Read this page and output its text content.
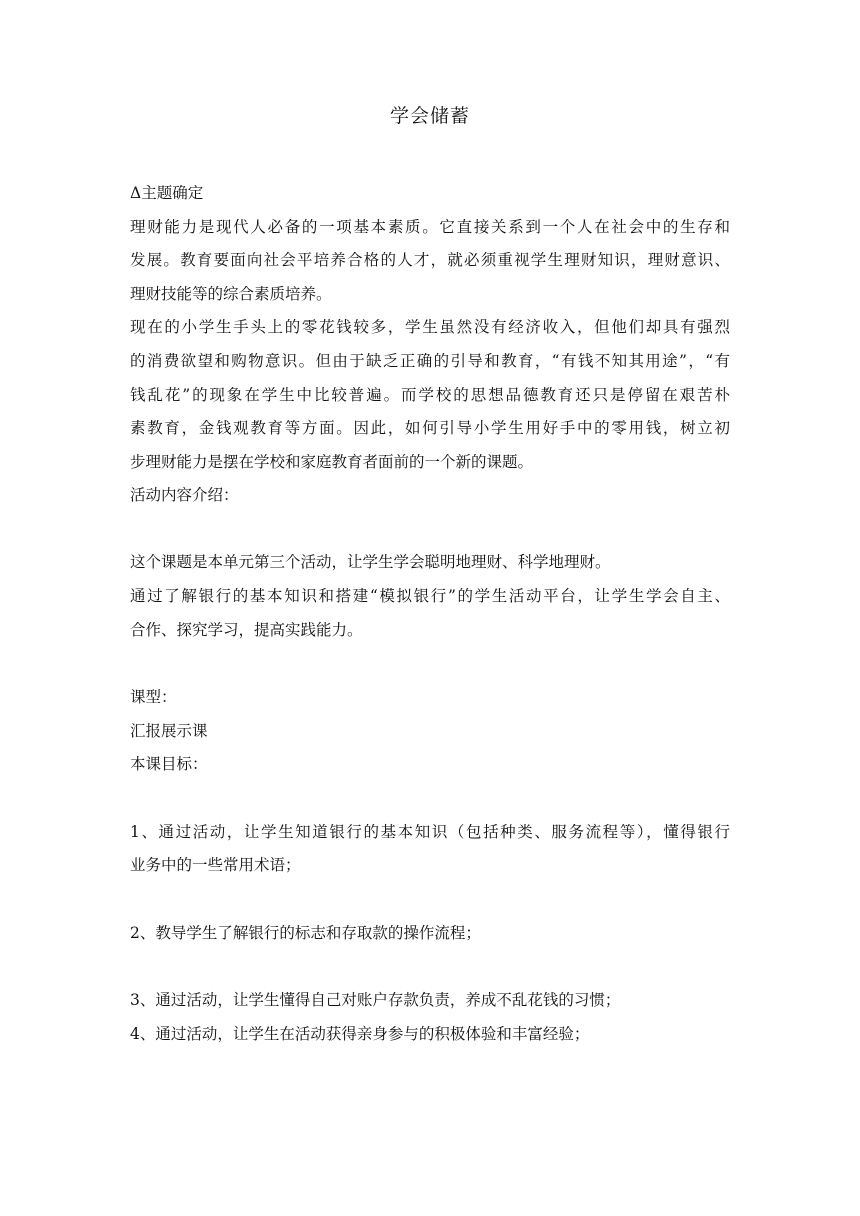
学会储蓄
Δ主题确定
理财能力是现代人必备的一项基本素质。它直接关系到一个人在社会中的生存和
发展。教育要面向社会平培养合格的人才，就必须重视学生理财知识，理财意识、
理财技能等的综合素质培养。
现在的小学生手头上的零花钱较多，学生虽然没有经济收入，但他们却具有强烈
的消费欲望和购物意识。但由于缺乏正确的引导和教育，“有钱不知其用途”，“有
钱乱花”的现象在学生中比较普遍。而学校的思想品德教育还只是停留在艰苦朴
素教育，金钱观教育等方面。因此，如何引导小学生用好手中的零用钱，树立初
步理财能力是摆在学校和家庭教育者面前的一个新的课题。
活动内容介绍：
这个课题是本单元第三个活动，让学生学会聪明地理财、科学地理财。
通过了解银行的基本知识和搭建“模拟银行”的学生活动平台，让学生学会自主、
合作、探究学习，提高实践能力。
课型：
汇报展示课
本课目标：
1、通过活动，让学生知道银行的基本知识（包括种类、服务流程等），懂得银行
业务中的一些常用术语；
2、教导学生了解银行的标志和存取款的操作流程；
3、通过活动，让学生懂得自己对账户存款负责，养成不乱花钱的习惯；
4、通过活动，让学生在活动获得亲身参与的积极体验和丰富经验；
